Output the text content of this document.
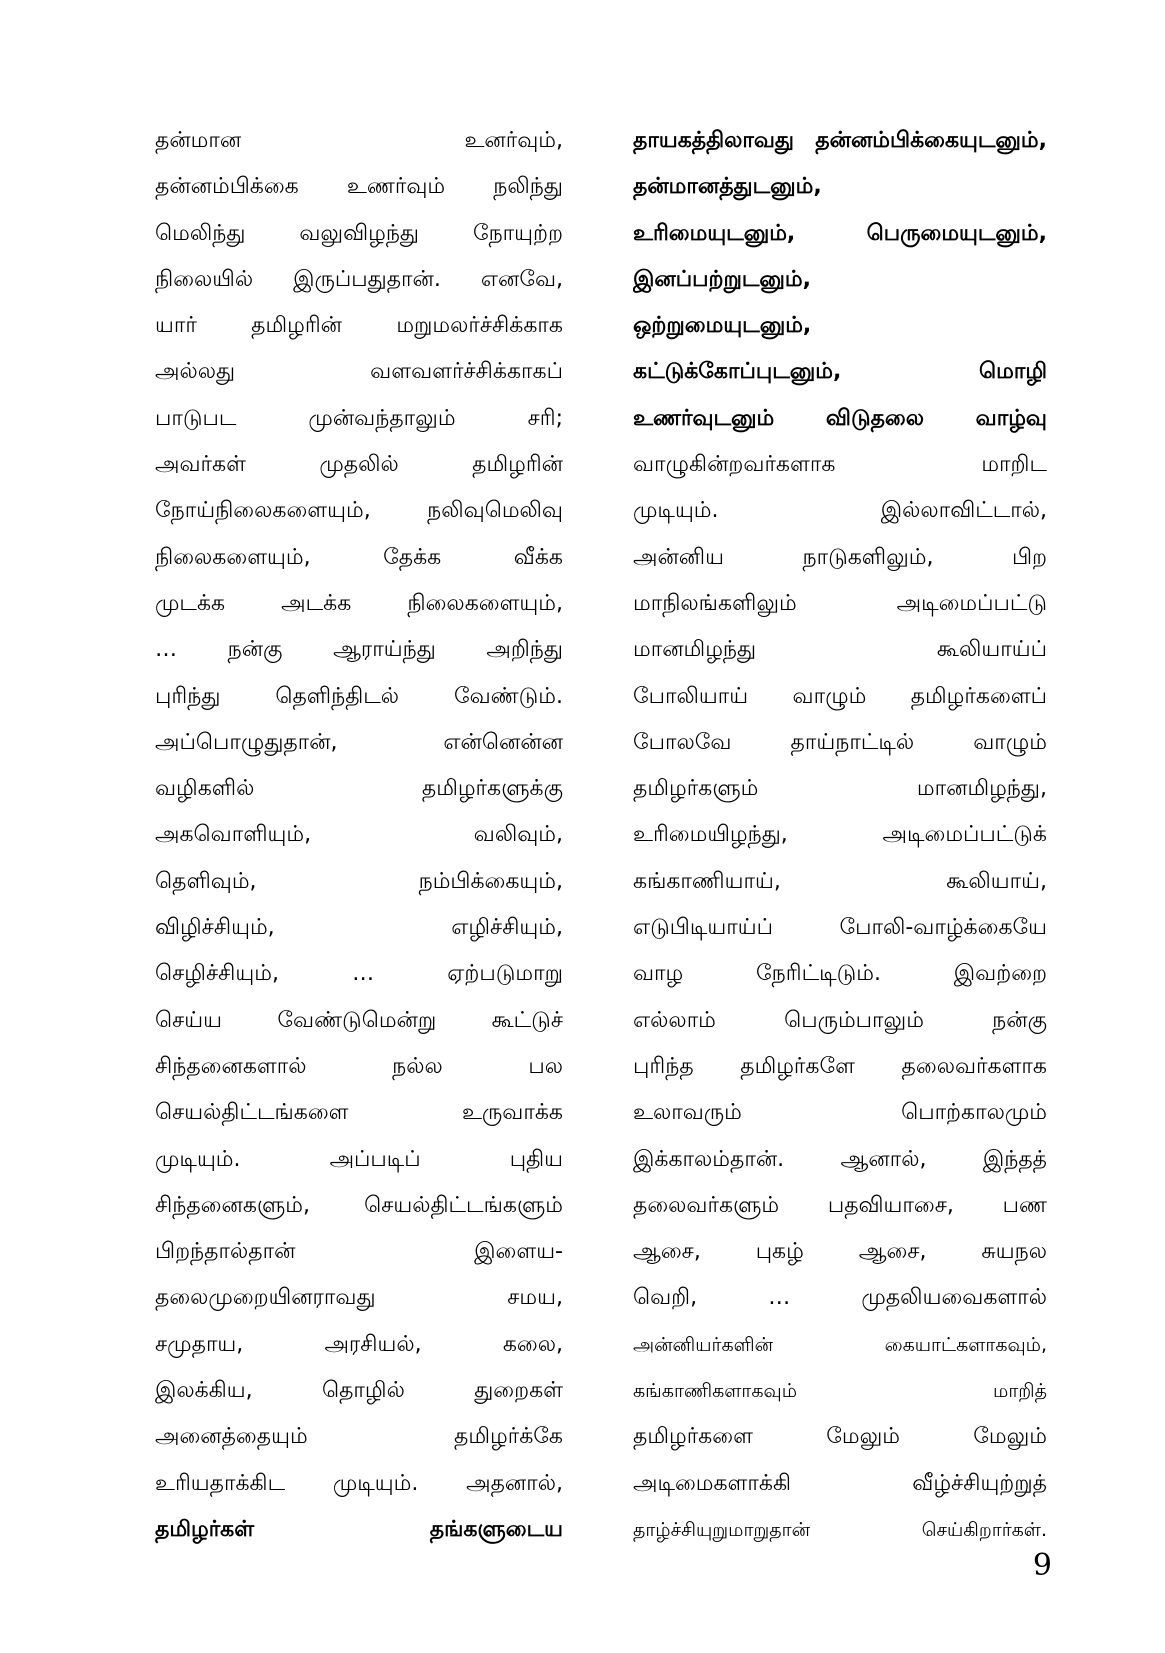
தன்மான உனர்வும்,
தன்னம்பிக்கை உணர்வும் நலிந்து
மெலிந்து வலுவிழந்து நோயுற்ற
நிலையில் இருப்பதுதான். எனவே,
யார் தமிழரின் மறுமலர்ச்சிக்காக
அல்லது வளவளர்ச்சிக்காகப்
பாடுபட முன்வந்தாலும் சரி;
அவர்கள் முதலில் தமிழரின்
நோய்நிலைகளையும், நலிவுமெலிவு
நிலைகளையும், தேக்க வீக்க
முடக்க அடக்க நிலைகளையும்,
… நன்கு ஆராய்ந்து அறிந்து
புரிந்து தெளிந்திடல் வேண்டும்.
அப்பொழுதுதான், என்னென்ன
வழிகளில் தமிழர்களுக்கு
அகவொளியும், வலிவும்,
தெளிவும், நம்பிக்கையும்,
விழிச்சியும், எழிச்சியும்,
செழிச்சியும், … ஏற்படுமாறு
செய்ய வேண்டுமென்று கூட்டுச்
சிந்தனைகளால் நல்ல பல
செயல்திட்டங்களை உருவாக்க
முடியும். அப்படிப் புதிய
சிந்தனைகளும், செயல்திட்டங்களும்
பிறந்தால்தான் இளைய-
தலைமுறையினராவது சமய,
சமுதாய, அரசியல், கலை,
இலக்கிய, தொழில் துறைகள்
அனைத்தையும் தமிழர்க்கே
உரியதாக்கிட முடியும். அதனால்,
தமிழர்கள் தங்களுடைய
தாயகத்திலாவது தன்னம்பிக்கையுடனும்,
தன்மானத்துடனும்,
உரிமையுடனும், பெருமையுடனும்,
இனப்பற்றுடனும்,
ஒற்றுமையுடனும்,
கட்டுக்கோப்புடனும், மொழி
உணர்வுடனும் விடுதலை வாழ்வு
வாழுகின்றவர்களாக மாறிட
முடியும். இல்லாவிட்டால்,
அன்னிய நாடுகளிலும், பிற
மாநிலங்களிலும் அடிமைப்பட்டு
மானமிழந்து கூலியாய்ப்
போலியாய் வாழும் தமிழர்களைப்
போலவே தாய்நாட்டில் வாழும்
தமிழர்களும் மானமிழந்து,
உரிமையிழந்து, அடிமைப்பட்டுக்
கங்காணியாய், கூலியாய்,
எடுபிடியாய்ப் போலி-வாழ்க்கையே
வாழ நேரிட்டிடும். இவற்றை
எல்லாம் பெரும்பாலும் நன்கு
புரிந்த தமிழர்களே தலைவர்களாக
உலாவரும் பொற்காலமும்
இக்காலம்தான். ஆனால், இந்தத்
தலைவர்களும் பதவியாசை, பண
ஆசை, புகழ் ஆசை, சுயநல
வெறி, … முதலியவைகளால்
அன்னியர்களின் கையாட்களாகவும்,
கங்காணிகளாகவும் மாறித்
தமிழர்களை மேலும் மேலும்
அடிமைகளாக்கி வீழ்ச்சியுற்றுத்
தாழ்ச்சியுறுமாறுதான் செய்கிறார்கள்.
9
